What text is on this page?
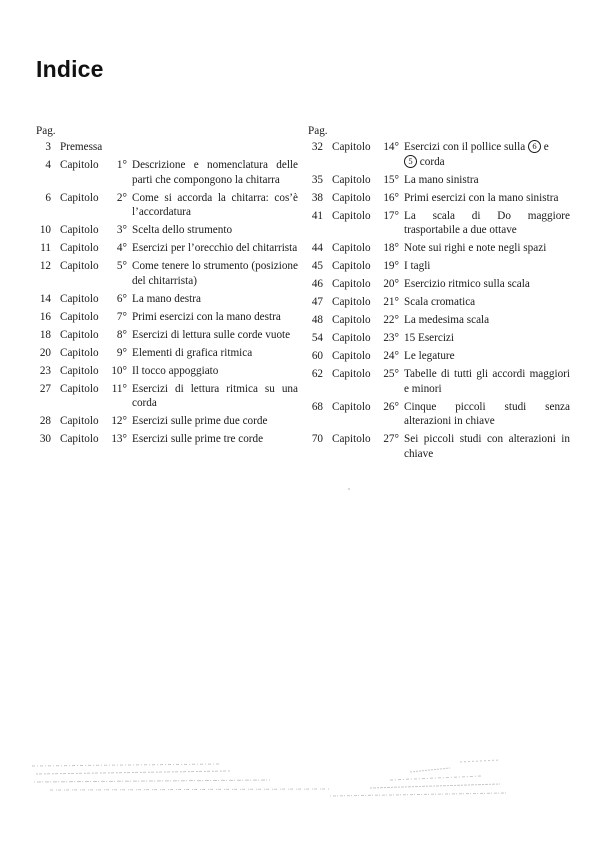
Indice
Pag.
3 Premessa
4 Capitolo	1° Descrizione e nomenclatura delle parti che compongono la chitarra
6 Capitolo	2° Come si accorda la chitarra: cos’è l’accordatura
10 Capitolo	3° Scelta dello strumento
11 Capitolo	4° Esercizi per l’orecchio del chitarrista
12 Capitolo	5° Come tenere lo strumento (posizione del chitarrista)
14 Capitolo	6° La mano destra
16 Capitolo	7° Primi esercizi con la mano destra
18 Capitolo	8° Esercizi di lettura sulle corde vuote
20 Capitolo	9° Elementi di grafica ritmica
23 Capitolo	10° Il tocco appoggiato
27 Capitolo	11° Esercizi di lettura ritmica su una corda
28 Capitolo	12° Esercizi sulle prime due corde
30 Capitolo	13° Esercizi sulle prime tre corde
Pag.
32 Capitolo	14° Esercizi con il pollice sulla 6 e
5 corda
35 Capitolo	15° La mano sinistra
38 Capitolo	16° Primi esercizi con la mano sinistra
41 Capitolo	17° La scala di Do maggiore trasportabile a due ottave
44 Capitolo	18° Note sui righi e note negli spazi
45 Capitolo	19° I tagli
46 Capitolo	20° Esercizio ritmico sulla scala
47 Capitolo	21° Scala cromatica
48 Capitolo	22° La medesima scala
54 Capitolo	23° 15 Esercizi
60 Capitolo	24° Le legature
62 Capitolo	25° Tabelle di tutti gli accordi maggiori e minori
68 Capitolo	26° Cinque piccoli studi senza alterazioni in chiave
70 Capitolo	27° Sei piccoli studi con alterazioni in chiave
